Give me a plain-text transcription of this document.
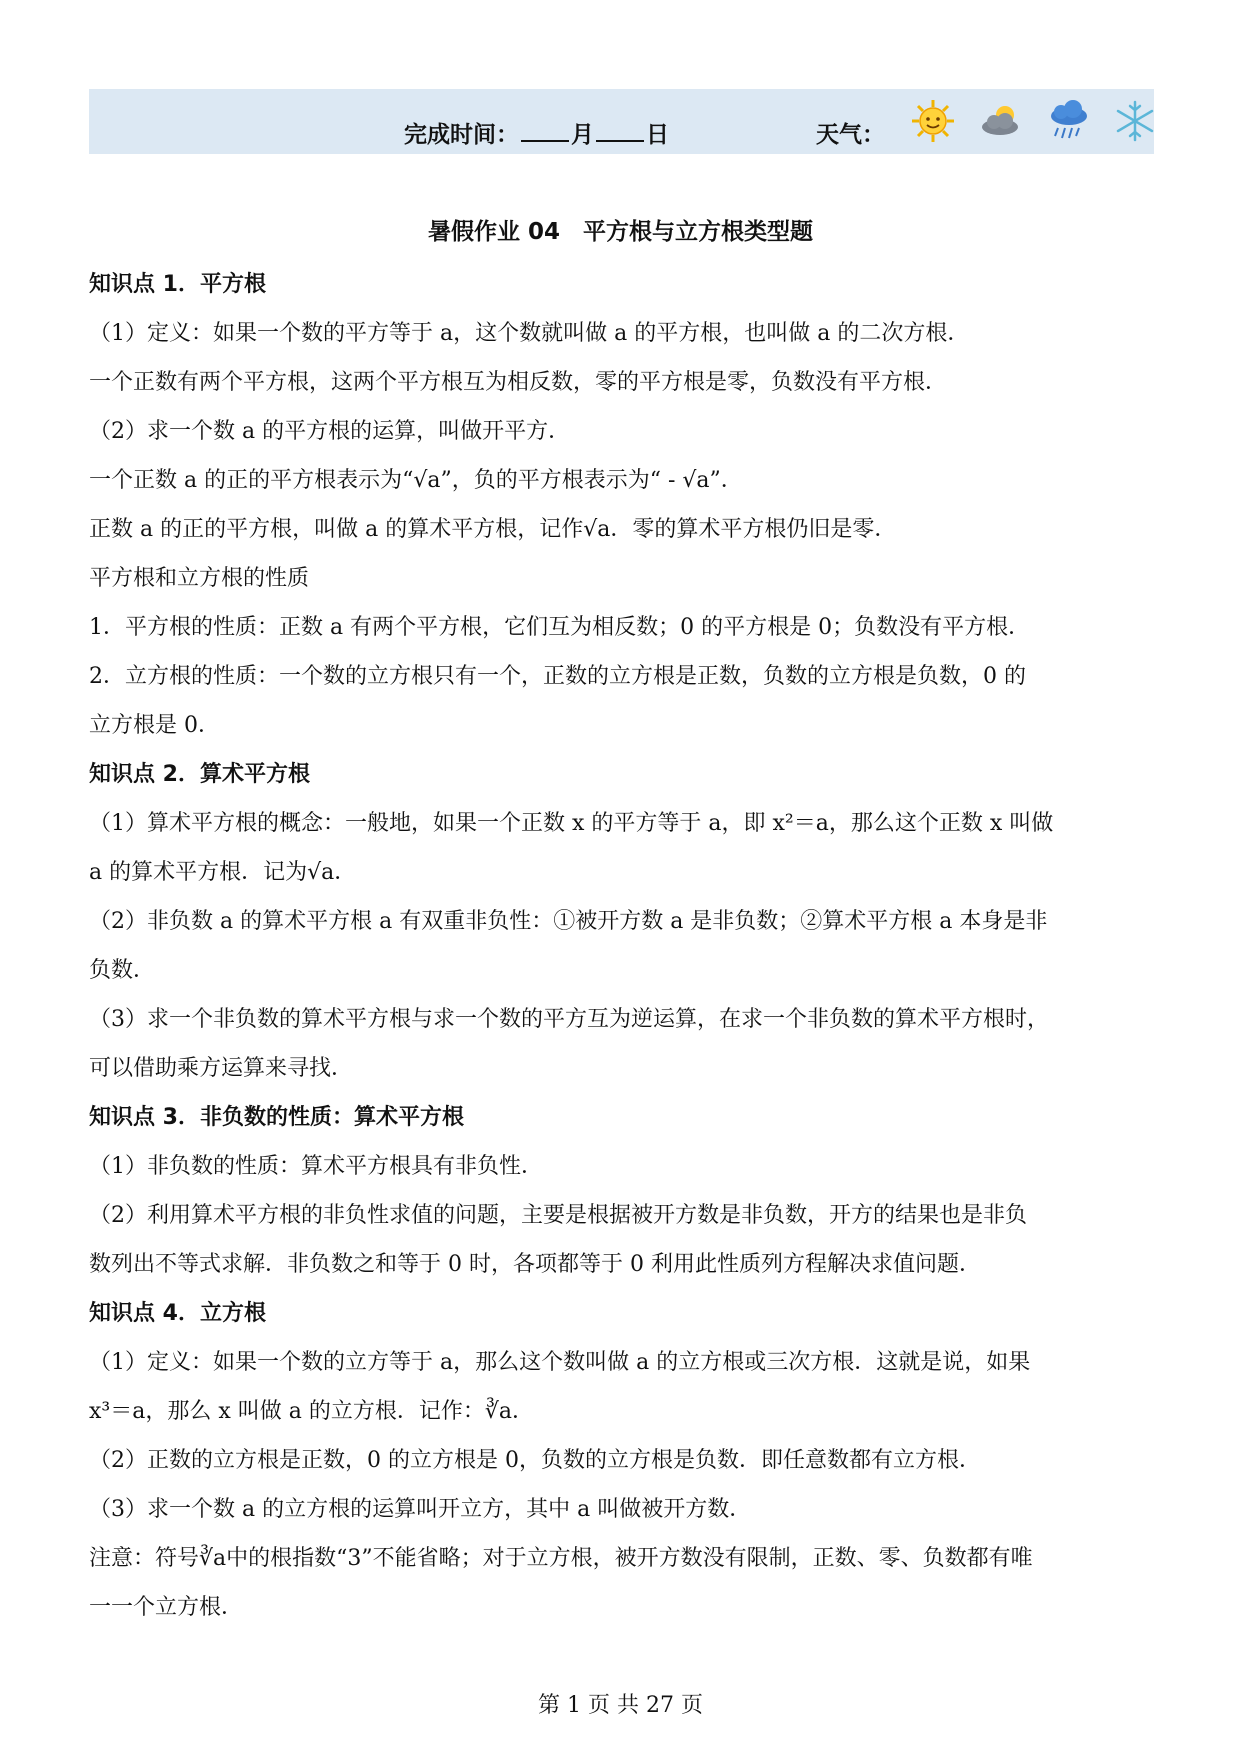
完成时间： 月 日	天气：
暑假作业 04　平方根与立方根类型题
知识点 1．平方根
（1）定义：如果一个数的平方等于 a，这个数就叫做 a 的平方根，也叫做 a 的二次方根．
一个正数有两个平方根，这两个平方根互为相反数，零的平方根是零，负数没有平方根．
（2）求一个数 a 的平方根的运算，叫做开平方．
一个正数 a 的正的平方根表示为“√a”，负的平方根表示为“ - √a”．
正数 a 的正的平方根，叫做 a 的算术平方根，记作√a．零的算术平方根仍旧是零．
平方根和立方根的性质
1．平方根的性质：正数 a 有两个平方根，它们互为相反数；0 的平方根是 0；负数没有平方根．
2．立方根的性质：一个数的立方根只有一个，正数的立方根是正数，负数的立方根是负数，0 的
立方根是 0．
知识点 2．算术平方根
（1）算术平方根的概念：一般地，如果一个正数 x 的平方等于 a，即 x²＝a，那么这个正数 x 叫做
a 的算术平方根．记为√a．
（2）非负数 a 的算术平方根 a 有双重非负性：①被开方数 a 是非负数；②算术平方根 a 本身是非
负数．
（3）求一个非负数的算术平方根与求一个数的平方互为逆运算，在求一个非负数的算术平方根时，
可以借助乘方运算来寻找．
知识点 3．非负数的性质：算术平方根
（1）非负数的性质：算术平方根具有非负性．
（2）利用算术平方根的非负性求值的问题，主要是根据被开方数是非负数，开方的结果也是非负
数列出不等式求解．非负数之和等于 0 时，各项都等于 0 利用此性质列方程解决求值问题．
知识点 4．立方根
（1）定义：如果一个数的立方等于 a，那么这个数叫做 a 的立方根或三次方根．这就是说，如果
x³＝a，那么 x 叫做 a 的立方根．记作：∛a．
（2）正数的立方根是正数，0 的立方根是 0，负数的立方根是负数．即任意数都有立方根．
（3）求一个数 a 的立方根的运算叫开立方，其中 a 叫做被开方数．
注意：符号∛a中的根指数“3”不能省略；对于立方根，被开方数没有限制，正数、零、负数都有唯
一一个立方根．
第 1 页 共 27 页
